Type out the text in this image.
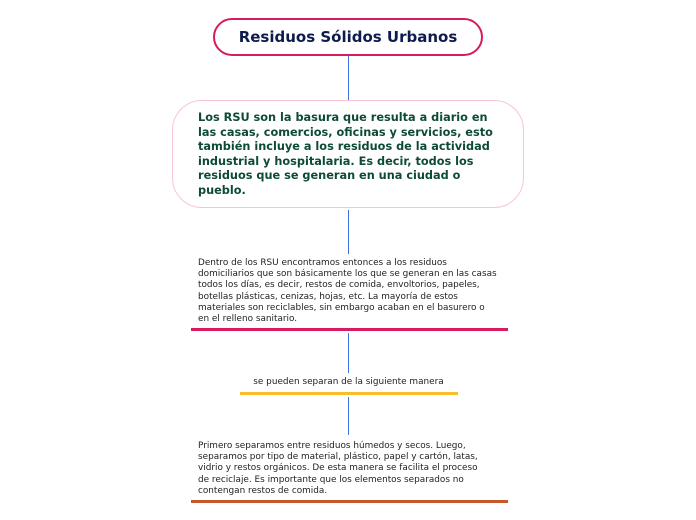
Residuos Sólidos Urbanos
Los RSU son la basura que resulta a diario en las casas, comercios, oficinas y servicios, esto también incluye a los residuos de la actividad industrial y hospitalaria. Es decir, todos los residuos que se generan en una ciudad o pueblo.
Dentro de los RSU encontramos entonces a los residuos domiciliarios que son básicamente los que se generan en las casas todos los días, es decir, restos de comida, envoltorios, papeles, botellas plásticas, cenizas, hojas, etc. La mayoría de estos materiales son reciclables, sin embargo acaban en el basurero o en el relleno sanitario.
se pueden separan de la siguiente manera
Primero separamos entre residuos húmedos y secos. Luego, separamos por tipo de material, plástico, papel y cartón, latas, vidrio y restos orgánicos. De esta manera se facilita el proceso de reciclaje. Es importante que los elementos separados no contengan restos de comida.
